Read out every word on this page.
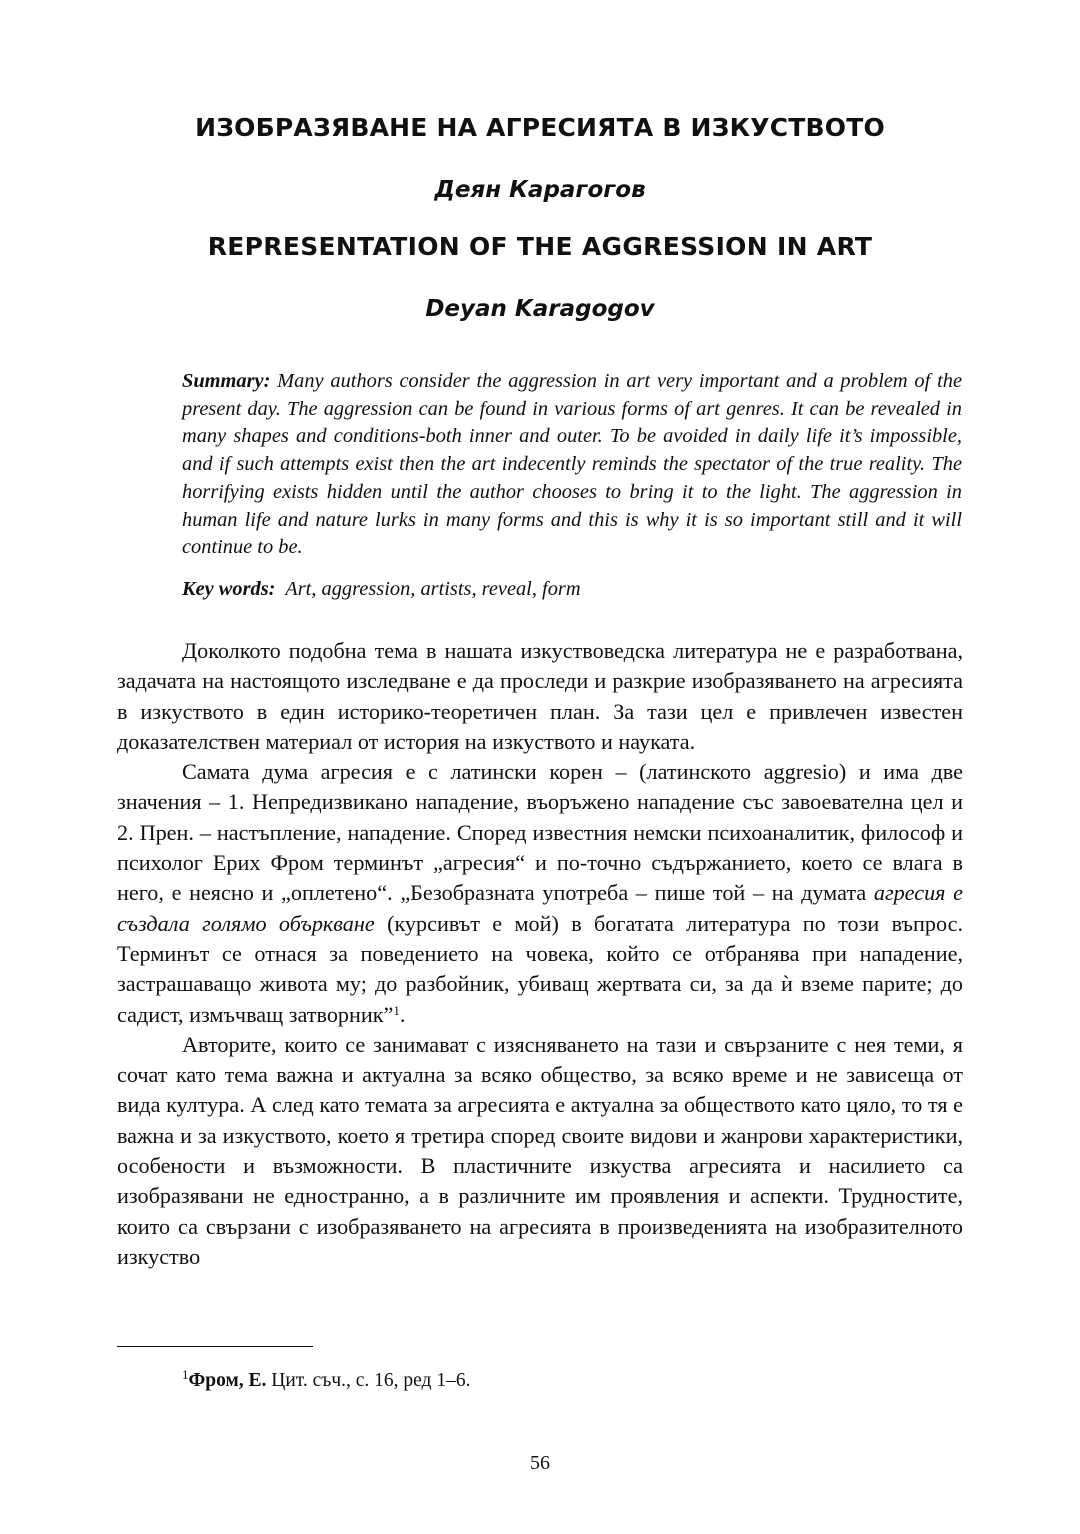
ИЗОБРАЗЯВАНЕ НА АГРЕСИЯТА В ИЗКУСТВОТО
Деян Карагогов
REPRESENTATION OF THE AGGRESSION IN ART
Deyan Karagogov

Summary: Many authors consider the aggression in art very important and a problem of the present day. The aggression can be found in various forms of art genres. It can be revealed in many shapes and conditions-both inner and outer. To be avoided in daily life it’s impossible, and if such attempts exist then the art indecently reminds the spectator of the true reality. The horrifying exists hidden until the author chooses to bring it to the light. The aggression in human life and nature lurks in many forms and this is why it is so important still and it will continue to be.

Key words: Art, aggression, artists, reveal, form

Доколкото подобна тема в нашата изкуствоведска литература не е разработвана, задачата на настоящото изследване е да проследи и разкрие изобразяването на агресията в изкуството в един историко-теоретичен план. За тази цел е привлечен известен доказателствен материал от история на изкуството и науката.

Самата дума агресия е с латински корен – (латинското aggresio) и има две значения – 1. Непредизвикано нападение, въоръжено нападение със завоевателна цел и 2. Прен. – настъпление, нападение. Според известния немски психоаналитик, философ и психолог Ерих Фром терминът „агресия“ и по-точно съдържанието, което се влага в него, е неясно и „оплетено“. „Безобразната употреба – пише той – на думата агресия е създала голямо объркване (курсивът е мой) в богатата литература по този въпрос. Терминът се отнася за поведението на човека, който се отбранява при нападение, застрашаващо живота му; до разбойник, убиващ жертвата си, за да ѝ вземе парите; до садист, измъчващ затворник”$^1$.

Авторите, които се занимават с изясняването на тази и свързаните с нея теми, я сочат като тема важна и актуална за всяко общество, за всяко време и не зависеща от вида култура. А след като темата за агресията е актуална за обществото като цяло, то тя е важна и за изкуството, което я третира според своите видови и жанрови характеристики, особености и възможности. В пластичните изкуства агресията и насилието са изобразявани не едностранно, а в различните им проявления и аспекти. Трудностите, които са свързани с изобразяването на агресията в произведенията на изобразителното изкуство

$^1$Фром, Е. Цит. съч., с. 16, ред 1–6.

56
